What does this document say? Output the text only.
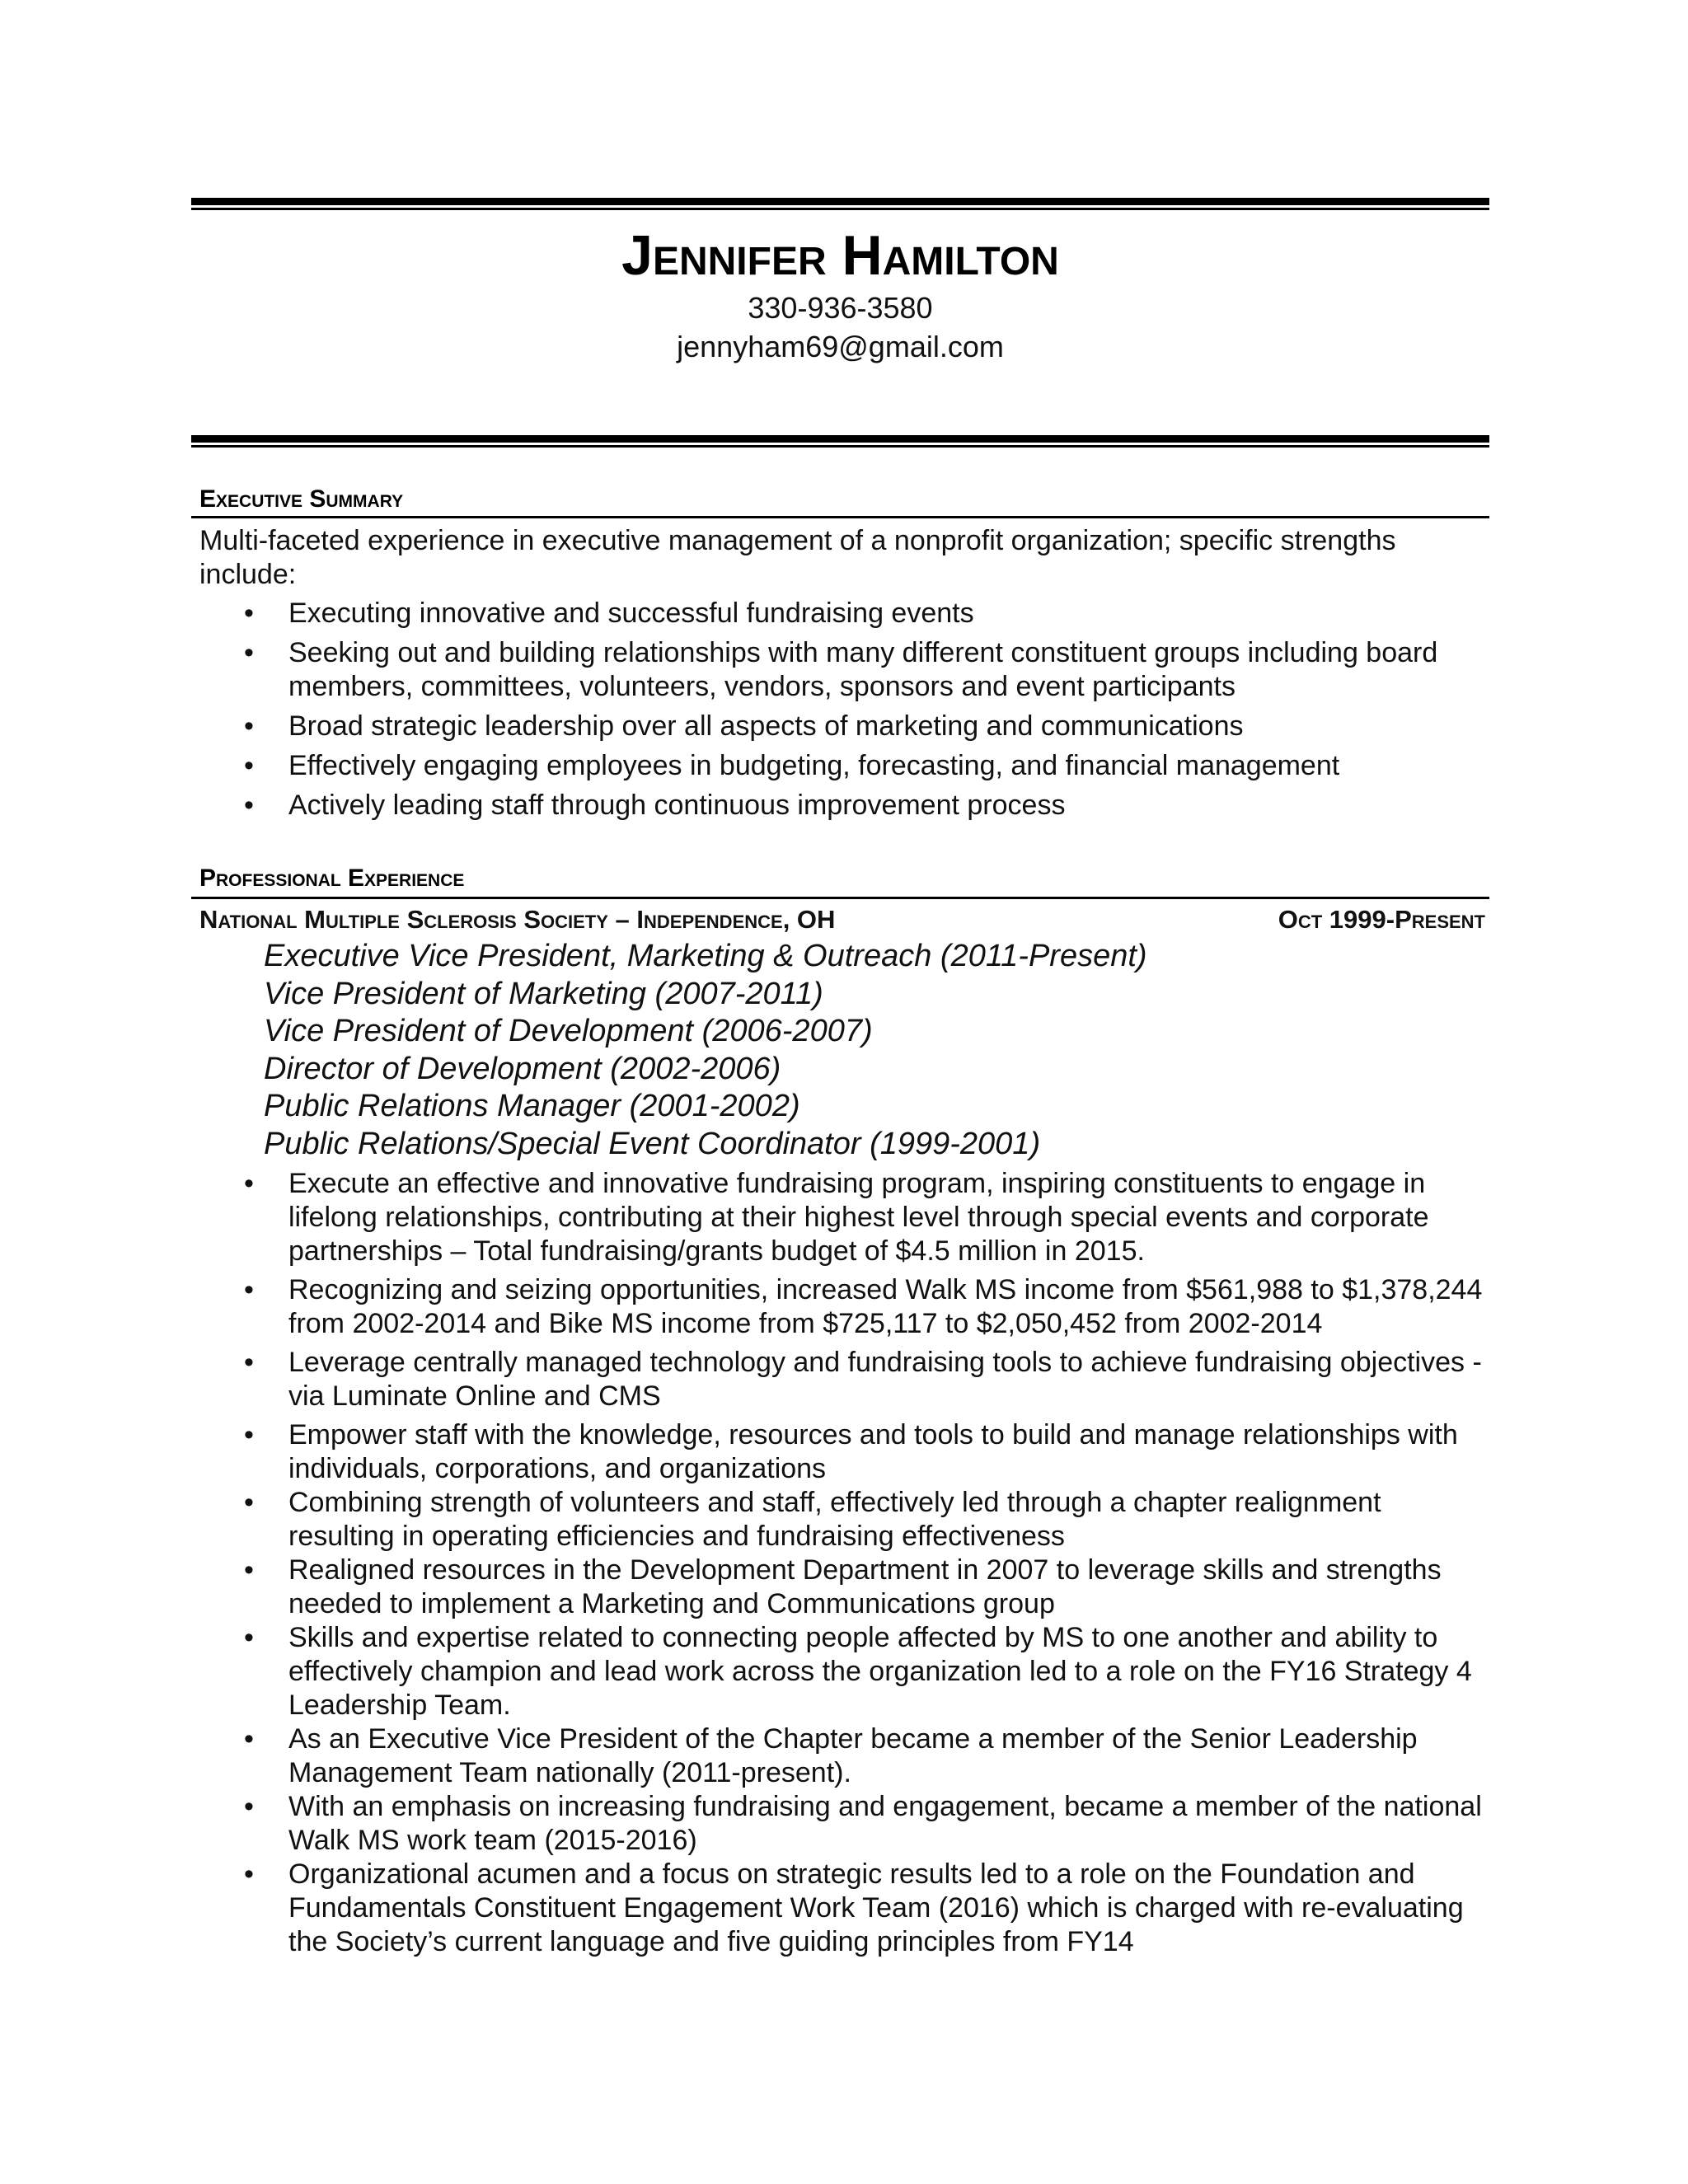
Jennifer Hamilton
330-936-3580
jennyham69@gmail.com
Executive Summary
Multi-faceted experience in executive management of a nonprofit organization; specific strengths include:
• Executing innovative and successful fundraising events
• Seeking out and building relationships with many different constituent groups including board members, committees, volunteers, vendors, sponsors and event participants
• Broad strategic leadership over all aspects of marketing and communications
• Effectively engaging employees in budgeting, forecasting, and financial management
• Actively leading staff through continuous improvement process
Professional Experience
National Multiple Sclerosis Society – Independence, OH	Oct 1999-Present
Executive Vice President, Marketing & Outreach (2011-Present)
Vice President of Marketing (2007-2011)
Vice President of Development (2006-2007)
Director of Development (2002-2006)
Public Relations Manager (2001-2002)
Public Relations/Special Event Coordinator (1999-2001)
• Execute an effective and innovative fundraising program, inspiring constituents to engage in lifelong relationships, contributing at their highest level through special events and corporate partnerships – Total fundraising/grants budget of $4.5 million in 2015.
• Recognizing and seizing opportunities, increased Walk MS income from $561,988 to $1,378,244 from 2002-2014 and Bike MS income from $725,117 to $2,050,452 from 2002-2014
• Leverage centrally managed technology and fundraising tools to achieve fundraising objectives -via Luminate Online and CMS
• Empower staff with the knowledge, resources and tools to build and manage relationships with individuals, corporations, and organizations
• Combining strength of volunteers and staff, effectively led through a chapter realignment resulting in operating efficiencies and fundraising effectiveness
• Realigned resources in the Development Department in 2007 to leverage skills and strengths needed to implement a Marketing and Communications group
• Skills and expertise related to connecting people affected by MS to one another and ability to effectively champion and lead work across the organization led to a role on the FY16 Strategy 4 Leadership Team.
• As an Executive Vice President of the Chapter became a member of the Senior Leadership Management Team nationally (2011-present).
• With an emphasis on increasing fundraising and engagement, became a member of the national Walk MS work team (2015-2016)
• Organizational acumen and a focus on strategic results led to a role on the Foundation and Fundamentals Constituent Engagement Work Team (2016) which is charged with re-evaluating the Society’s current language and five guiding principles from FY14
